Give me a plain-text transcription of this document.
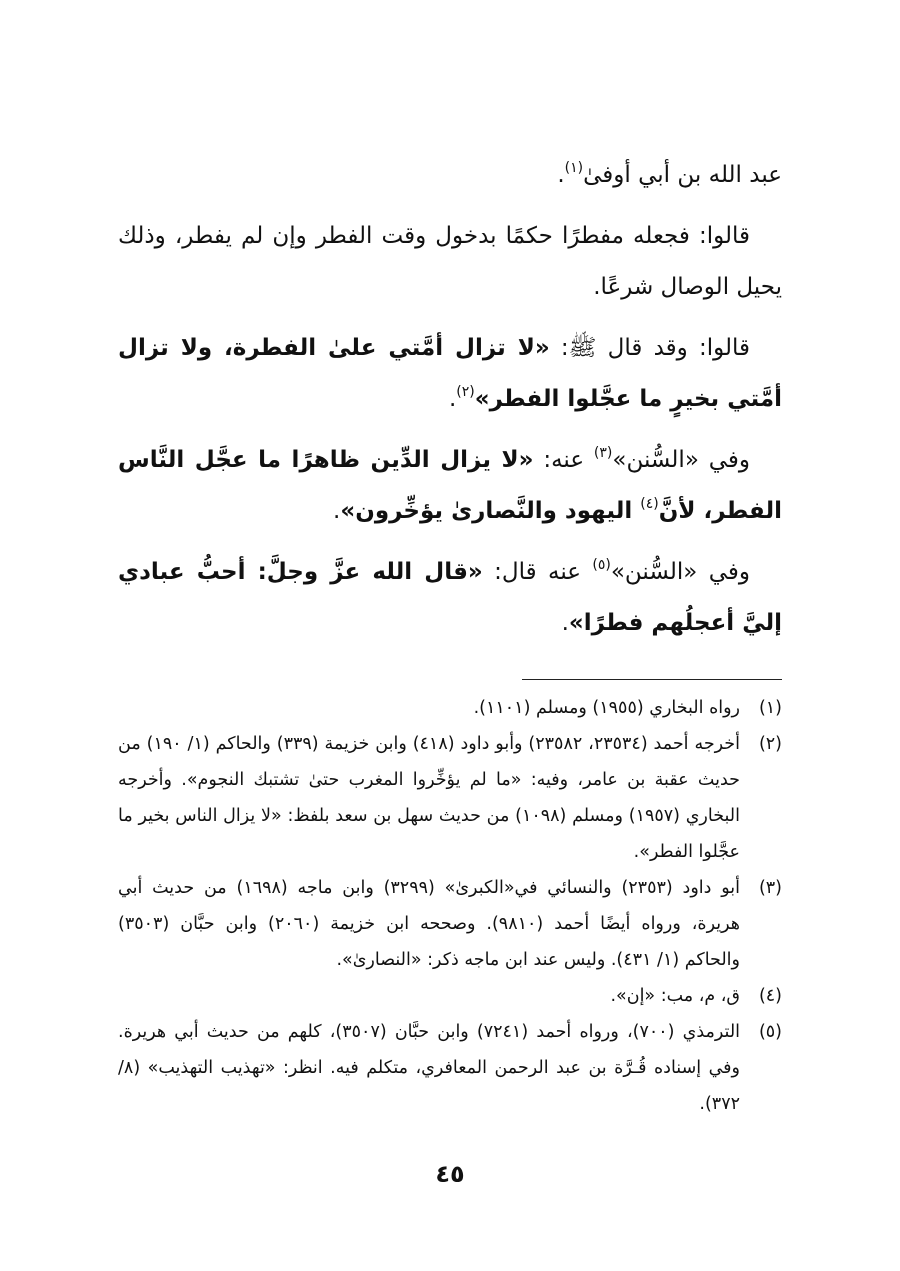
عبد الله بن أبي أوفىٰ$^{(١)}$.

قالوا: فجعله مفطرًا حكمًا بدخول وقت الفطر وإن لم يفطر، وذلك يحيل الوصال شرعًا.

قالوا: وقد قال ﷺ: «لا تزال أمَّتي علىٰ الفطرة، ولا تزال أمَّتي بخيرٍ ما عجَّلوا الفطر»$^{(٢)}$.

وفي «السُّنن»$^{(٣)}$ عنه: «لا يزال الدِّين ظاهرًا ما عجَّل النَّاس الفطر، لأنَّ$^{(٤)}$ اليهود والنَّصارىٰ يؤخِّرون».

وفي «السُّنن»$^{(٥)}$ عنه قال: «قال الله عزَّ وجلَّ: أحبُّ عبادي إليَّ أعجلُهم فطرًا».

(١)
رواه البخاري (١٩٥٥) ومسلم (١١٠١).
(٢)
أخرجه أحمد (٢٣٥٣٤، ٢٣٥٨٢) وأبو داود (٤١٨) وابن خزيمة (٣٣٩) والحاكم (١/ ١٩٠) من حديث عقبة بن عامر، وفيه: «ما لم يؤخِّروا المغرب حتىٰ تشتبك النجوم». وأخرجه البخاري (١٩٥٧) ومسلم (١٠٩٨) من حديث سهل بن سعد بلفظ: «لا يزال الناس بخير ما عجَّلوا الفطر».
(٣)
أبو داود (٢٣٥٣) والنسائي في«الكبرىٰ» (٣٢٩٩) وابن ماجه (١٦٩٨) من حديث أبي هريرة، ورواه أيضًا أحمد (٩٨١٠). وصححه ابن خزيمة (٢٠٦٠) وابن حبَّان (٣٥٠٣) والحاكم (١/ ٤٣١). وليس عند ابن ماجه ذكر: «النصارىٰ».
(٤)
ق، م، مب: «إن».
(٥)
الترمذي (٧٠٠)، ورواه أحمد (٧٢٤١) وابن حبَّان (٣٥٠٧)، كلهم من حديث أبي هريرة. وفي إسناده قُـرَّة بن عبد الرحمن المعافري، متكلم فيه. انظر: «تهذيب التهذيب» (٨/ ٣٧٢).
٤٥
